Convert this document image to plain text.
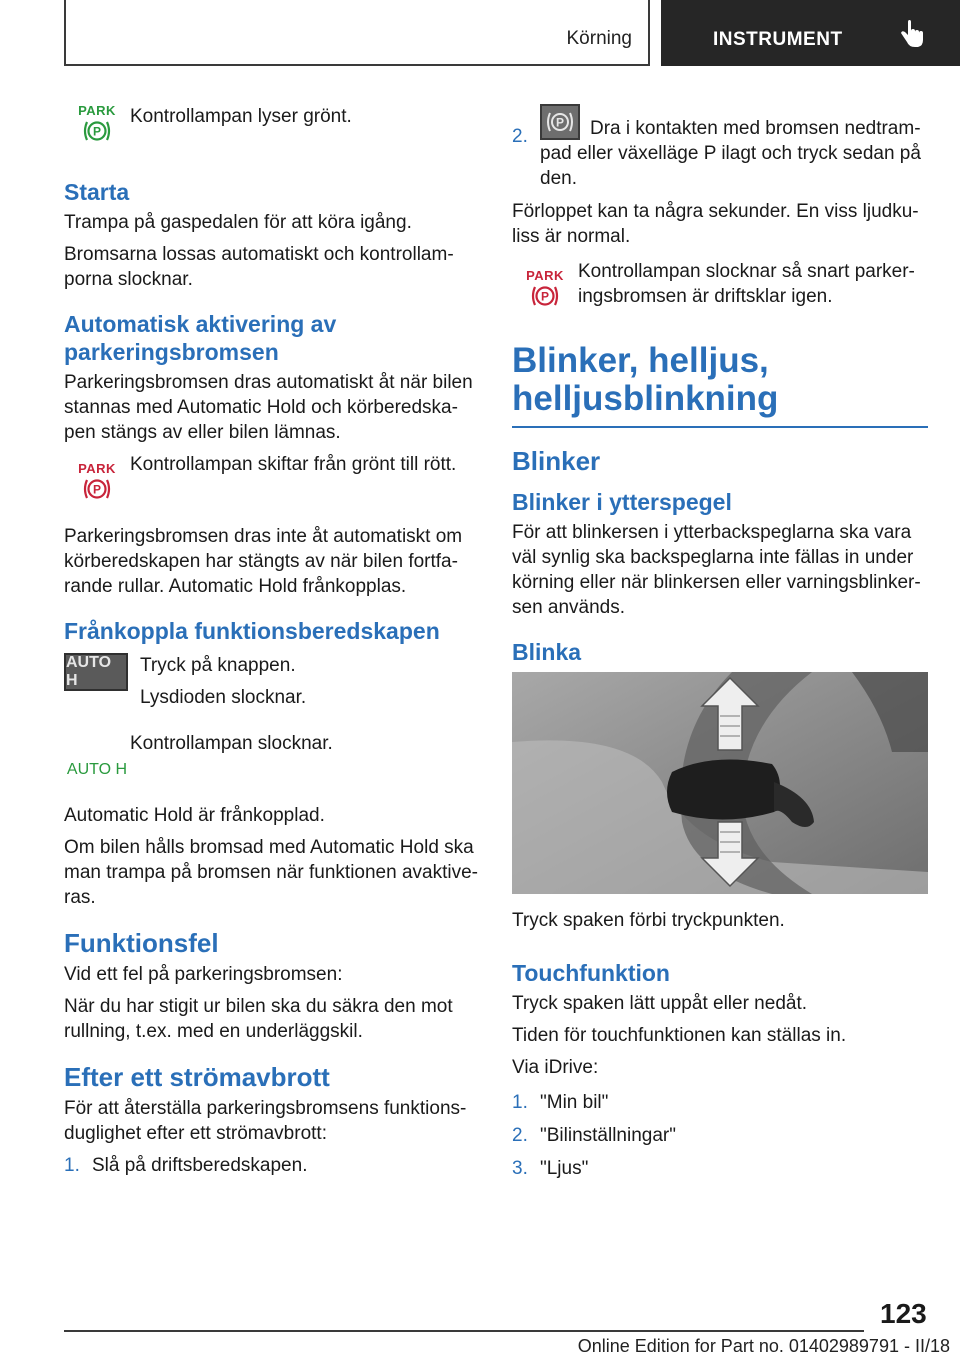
Körning	INSTRUMENT
PARK
P

Kontrollampan lyser grönt.

Starta

Trampa på gaspedalen för att köra igång.

Bromsarna lossas automatiskt och kontrollam-porna slocknar.

Automatisk aktivering av parkeringsbromsen

Parkeringsbromsen dras automatiskt åt när bilen stannas med Automatic Hold och körberedska-pen stängs av eller bilen lämnas.

PARK
P

Kontrollampan skiftar från grönt till rött.

Parkeringsbromsen dras inte åt automatiskt om körberedskapen har stängts av när bilen fortfa-rande rullar. Automatic Hold frånkopplas.

Frånkoppla funktionsberedskapen
AUTO H

Tryck på knappen.

Lysdioden slocknar.

AUTO H

Kontrollampan slocknar.

Automatic Hold är frånkopplad.

Om bilen hålls bromsad med Automatic Hold ska man trampa på bromsen när funktionen avaktive-ras.

Funktionsfel

Vid ett fel på parkeringsbromsen:

När du har stigit ur bilen ska du säkra den mot rullning, t.ex. med en underläggskil.

Efter ett strömavbrott

För att återställa parkeringsbromsens funktions-duglighet efter ett strömavbrott:

1. Slå på driftsberedskapen.
2.
P Dra i kontakten med bromsen nedtram-pad eller växelläge P ilagt och tryck sedan på den.

Förloppet kan ta några sekunder. En viss ljudku-liss är normal.

PARK
P

Kontrollampan slocknar så snart parker-ingsbromsen är driftsklar igen.

Blinker, helljus, helljusblinkning
Blinker
Blinker i ytterspegel

För att blinkersen i ytterbackspeglarna ska vara väl synlig ska backspeglarna inte fällas in under körning eller när blinkersen eller varningsblinker-sen används.

Blinka

Tryck spaken förbi tryckpunkten.

Touchfunktion

Tryck spaken lätt uppåt eller nedåt.

Tiden för touchfunktionen kan ställas in.

Via iDrive:

1. "Min bil"
2. "Bilinställningar"
3. "Ljus"
123
Online Edition for Part no. 01402989791 - II/18
